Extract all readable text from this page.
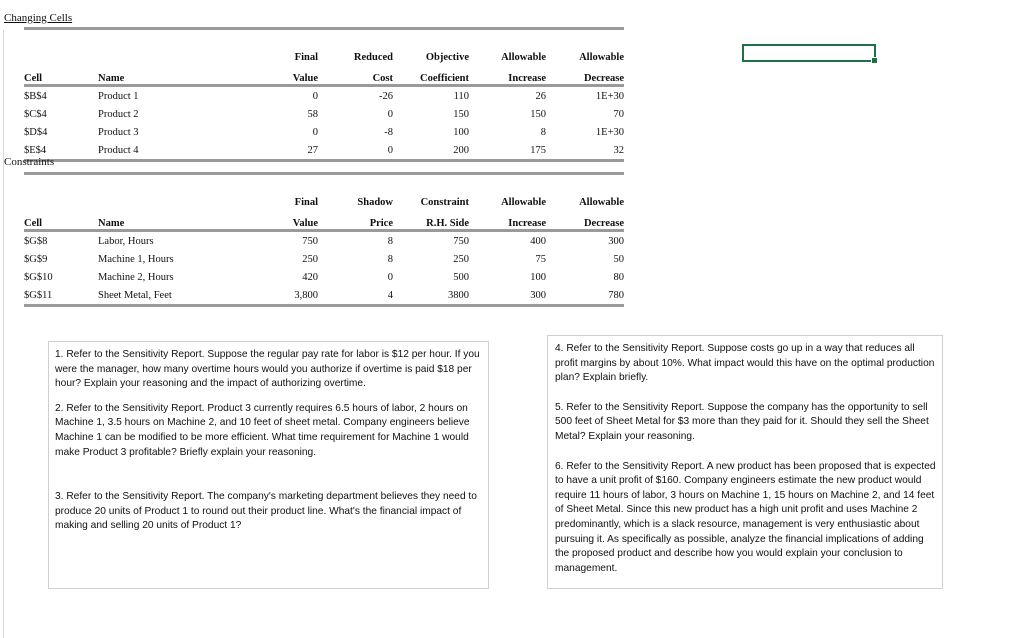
Changing Cells

		Final	Reduced	Objective	Allowable	Allowable
Cell	Name	Value	Cost	Coefficient	Increase	Decrease
$B$4	Product 1	0	-26	110	26	1E+30
$C$4	Product 2	58	0	150	150	70
$D$4	Product 3	0	-8	100	8	1E+30
$E$4	Product 4	27	0	200	175	32
Constraints

		Final	Shadow	Constraint	Allowable	Allowable
Cell	Name	Value	Price	R.H. Side	Increase	Decrease
$G$8	Labor, Hours	750	8	750	400	300
$G$9	Machine 1, Hours	250	8	250	75	50
$G$10	Machine 2, Hours	420	0	500	100	80
$G$11	Sheet Metal, Feet	3,800	4	3800	300	780

1. Refer to the Sensitivity Report. Suppose the regular pay rate for labor is $12 per hour. If you were the manager, how many overtime hours would you authorize if overtime is paid $18 per hour? Explain your reasoning and the impact of authorizing overtime.

2. Refer to the Sensitivity Report. Product 3 currently requires 6.5 hours of labor, 2 hours on Machine 1, 3.5 hours on Machine 2, and 10 feet of sheet metal. Company engineers believe Machine 1 can be modified to be more efficient. What time requirement for Machine 1 would make Product 3 profitable? Briefly explain your reasoning.

3. Refer to the Sensitivity Report. The company's marketing department believes they need to produce 20 units of Product 1 to round out their product line. What's the financial impact of making and selling 20 units of Product 1?

4. Refer to the Sensitivity Report. Suppose costs go up in a way that reduces all profit margins by about 10%. What impact would this have on the optimal production plan? Explain briefly.

5. Refer to the Sensitivity Report. Suppose the company has the opportunity to sell 500 feet of Sheet Metal for $3 more than they paid for it. Should they sell the Sheet Metal? Explain your reasoning.

6. Refer to the Sensitivity Report. A new product has been proposed that is expected to have a unit profit of $160. Company engineers estimate the new product would require 11 hours of labor, 3 hours on Machine 1, 15 hours on Machine 2, and 14 feet of Sheet Metal. Since this new product has a high unit profit and uses Machine 2 predominantly, which is a slack resource, management is very enthusiastic about pursuing it. As specifically as possible, analyze the financial implications of adding the proposed product and describe how you would explain your conclusion to management.
